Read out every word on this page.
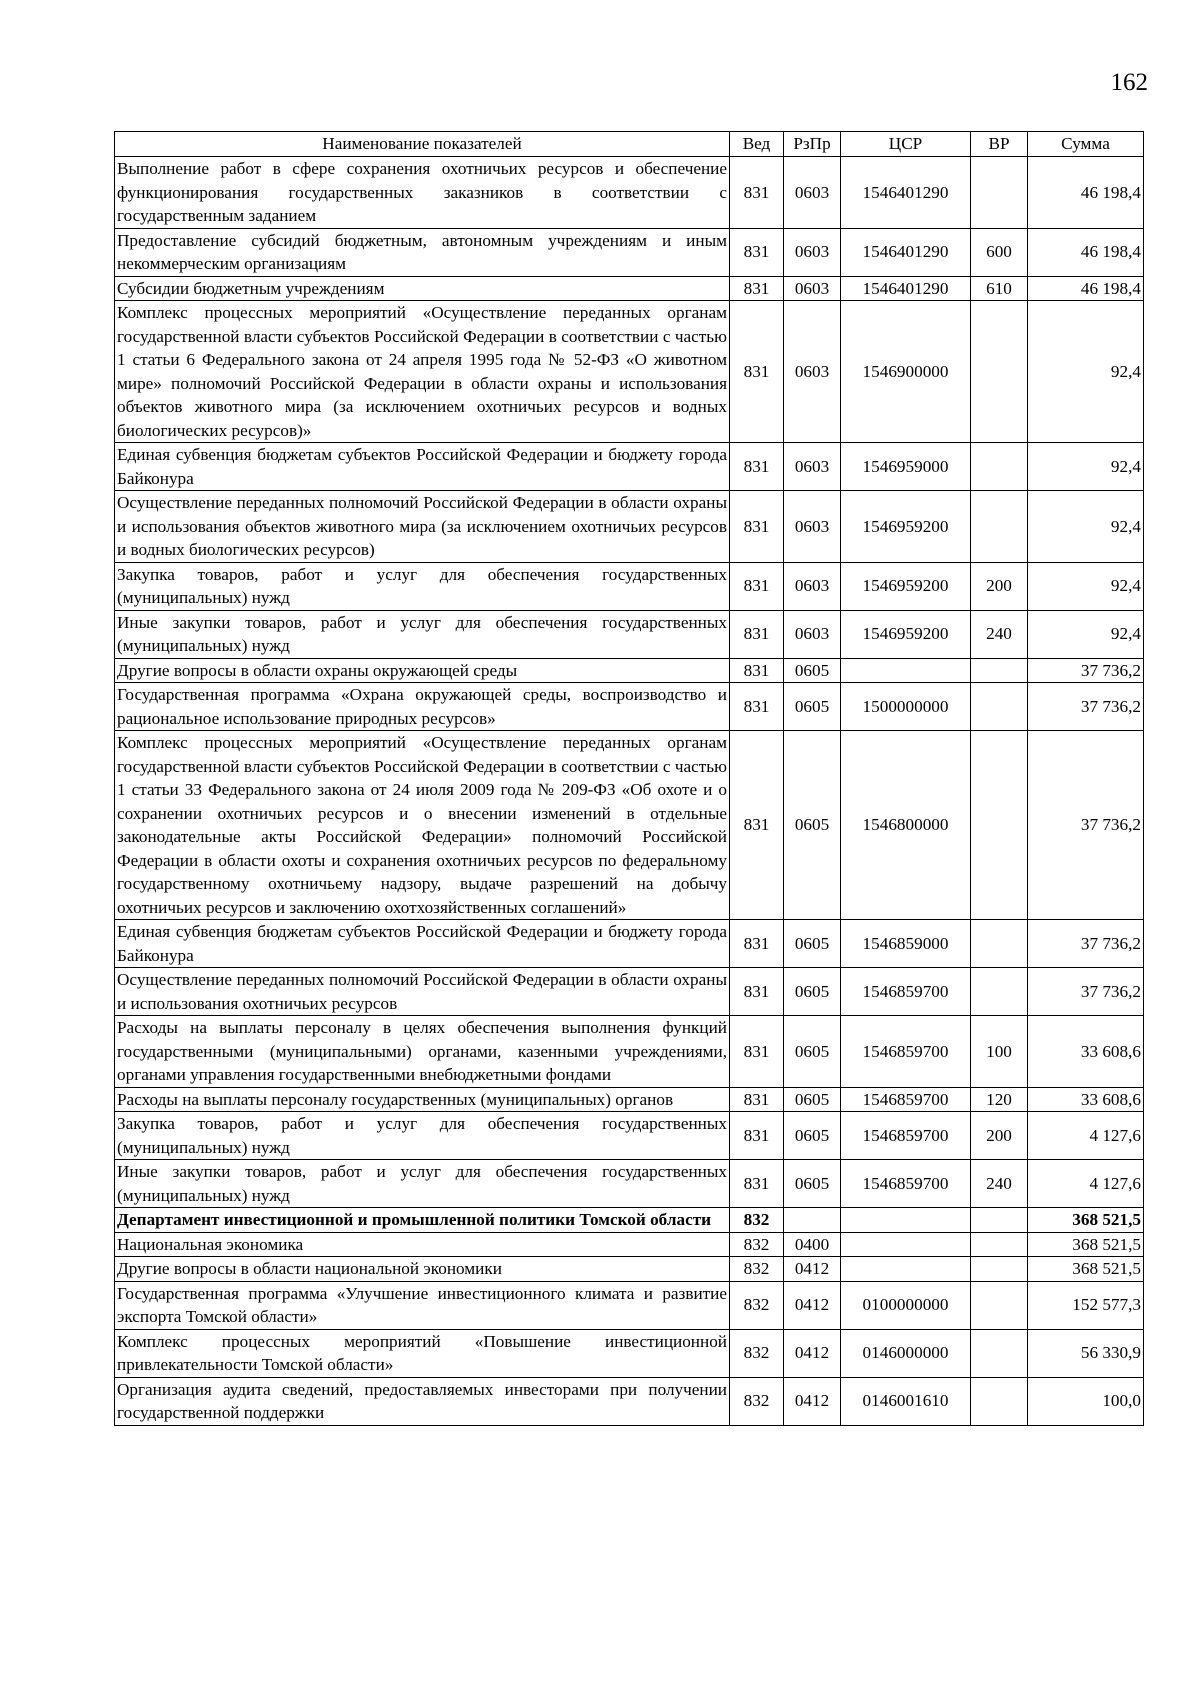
162
Наименование показателей	Вед	РзПр	ЦСР	ВР	Сумма
Выполнение работ в сфере сохранения охотничьих ресурсов и обеспечение функционирования государственных заказников в соответствии с государственным заданием	831	0603	1546401290		46 198,4
Предоставление субсидий бюджетным, автономным учреждениям и иным некоммерческим организациям	831	0603	1546401290	600	46 198,4
Субсидии бюджетным учреждениям	831	0603	1546401290	610	46 198,4
Комплекс процессных мероприятий «Осуществление переданных органам государственной власти субъектов Российской Федерации в соответствии с частью 1 статьи 6 Федерального закона от 24 апреля 1995 года № 52-ФЗ «О животном мире» полномочий Российской Федерации в области охраны и использования объектов животного мира (за исключением охотничьих ресурсов и водных биологических ресурсов)»	831	0603	1546900000		92,4
Единая субвенция бюджетам субъектов Российской Федерации и бюджету города Байконура	831	0603	1546959000		92,4
Осуществление переданных полномочий Российской Федерации в области охраны и использования объектов животного мира (за исключением охотничьих ресурсов и водных биологических ресурсов)	831	0603	1546959200		92,4
Закупка товаров, работ и услуг для обеспечения государственных (муниципальных) нужд	831	0603	1546959200	200	92,4
Иные закупки товаров, работ и услуг для обеспечения государственных (муниципальных) нужд	831	0603	1546959200	240	92,4
Другие вопросы в области охраны окружающей среды	831	0605			37 736,2
Государственная программа «Охрана окружающей среды, воспроизводство и рациональное использование природных ресурсов»	831	0605	1500000000		37 736,2
Комплекс процессных мероприятий «Осуществление переданных органам государственной власти субъектов Российской Федерации в соответствии с частью 1 статьи 33 Федерального закона от 24 июля 2009 года № 209-ФЗ «Об охоте и о сохранении охотничьих ресурсов и о внесении изменений в отдельные законодательные акты Российской Федерации» полномочий Российской Федерации в области охоты и сохранения охотничьих ресурсов по федеральному государственному охотничьему надзору, выдаче разрешений на добычу охотничьих ресурсов и заключению охотхозяйственных соглашений»	831	0605	1546800000		37 736,2
Единая субвенция бюджетам субъектов Российской Федерации и бюджету города Байконура	831	0605	1546859000		37 736,2
Осуществление переданных полномочий Российской Федерации в области охраны и использования охотничьих ресурсов	831	0605	1546859700		37 736,2
Расходы на выплаты персоналу в целях обеспечения выполнения функций государственными (муниципальными) органами, казенными учреждениями, органами управления государственными внебюджетными фондами	831	0605	1546859700	100	33 608,6
Расходы на выплаты персоналу государственных (муниципальных) органов	831	0605	1546859700	120	33 608,6
Закупка товаров, работ и услуг для обеспечения государственных (муниципальных) нужд	831	0605	1546859700	200	4 127,6
Иные закупки товаров, работ и услуг для обеспечения государственных (муниципальных) нужд	831	0605	1546859700	240	4 127,6
Департамент инвестиционной и промышленной политики Томской области	832				368 521,5
Национальная экономика	832	0400			368 521,5
Другие вопросы в области национальной экономики	832	0412			368 521,5
Государственная программа «Улучшение инвестиционного климата и развитие экспорта Томской области»	832	0412	0100000000		152 577,3
Комплекс процессных мероприятий «Повышение инвестиционной привлекательности Томской области»	832	0412	0146000000		56 330,9
Организация аудита сведений, предоставляемых инвесторами при получении государственной поддержки	832	0412	0146001610		100,0
